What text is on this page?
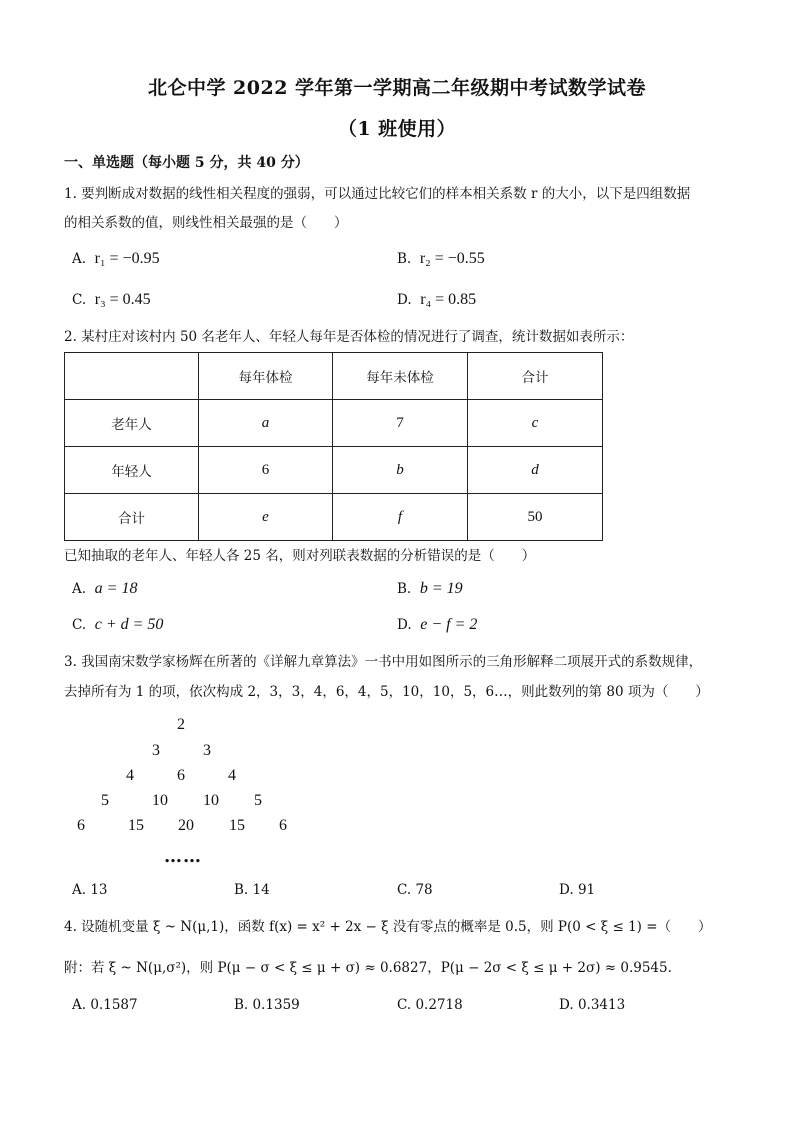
北仑中学 2022 学年第一学期高二年级期中考试数学试卷
（1 班使用）
一、单选题（每小题 5 分，共 40 分）
1. 要判断成对数据的线性相关程度的强弱，可以通过比较它们的样本相关系数 r 的大小，以下是四组数据
的相关系数的值，则线性相关最强的是（　　）
A. r₁ = −0.95	B. r₂ = −0.55
C. r₃ = 0.45	D. r₄ = 0.85
2. 某村庄对该村内 50 名老年人、年轻人每年是否体检的情况进行了调查，统计数据如表所示：
	每年体检	每年未体检	合计
老年人	a	7	c
年轻人	6	b	d
合计	e	f	50
已知抽取的老年人、年轻人各 25 名，则对列联表数据的分析错误的是（　　）
A. a = 18	B. b = 19
C. c + d = 50	D. e − f = 2
3. 我国南宋数学家杨辉在所著的《详解九章算法》一书中用如图所示的三角形解释二项展开式的系数规律，
去掉所有为 1 的项，依次构成 2，3，3，4，6，4，5，10，10，5，6…，则此数列的第 80 项为（　　）
2
3	3
4	6	4
5	10	10	5
6	15	20	15	6
……
A. 13	B. 14	C. 78	D. 91
4. 设随机变量 ξ ~ N(μ,1)，函数 f(x) = x² + 2x − ξ 没有零点的概率是 0.5，则 P(0 < ξ ≤ 1) =（　　）
附：若 ξ ~ N(μ,σ²)，则 P(μ − σ < ξ ≤ μ + σ) ≈ 0.6827，P(μ − 2σ < ξ ≤ μ + 2σ) ≈ 0.9545.
A. 0.1587	B. 0.1359	C. 0.2718	D. 0.3413
